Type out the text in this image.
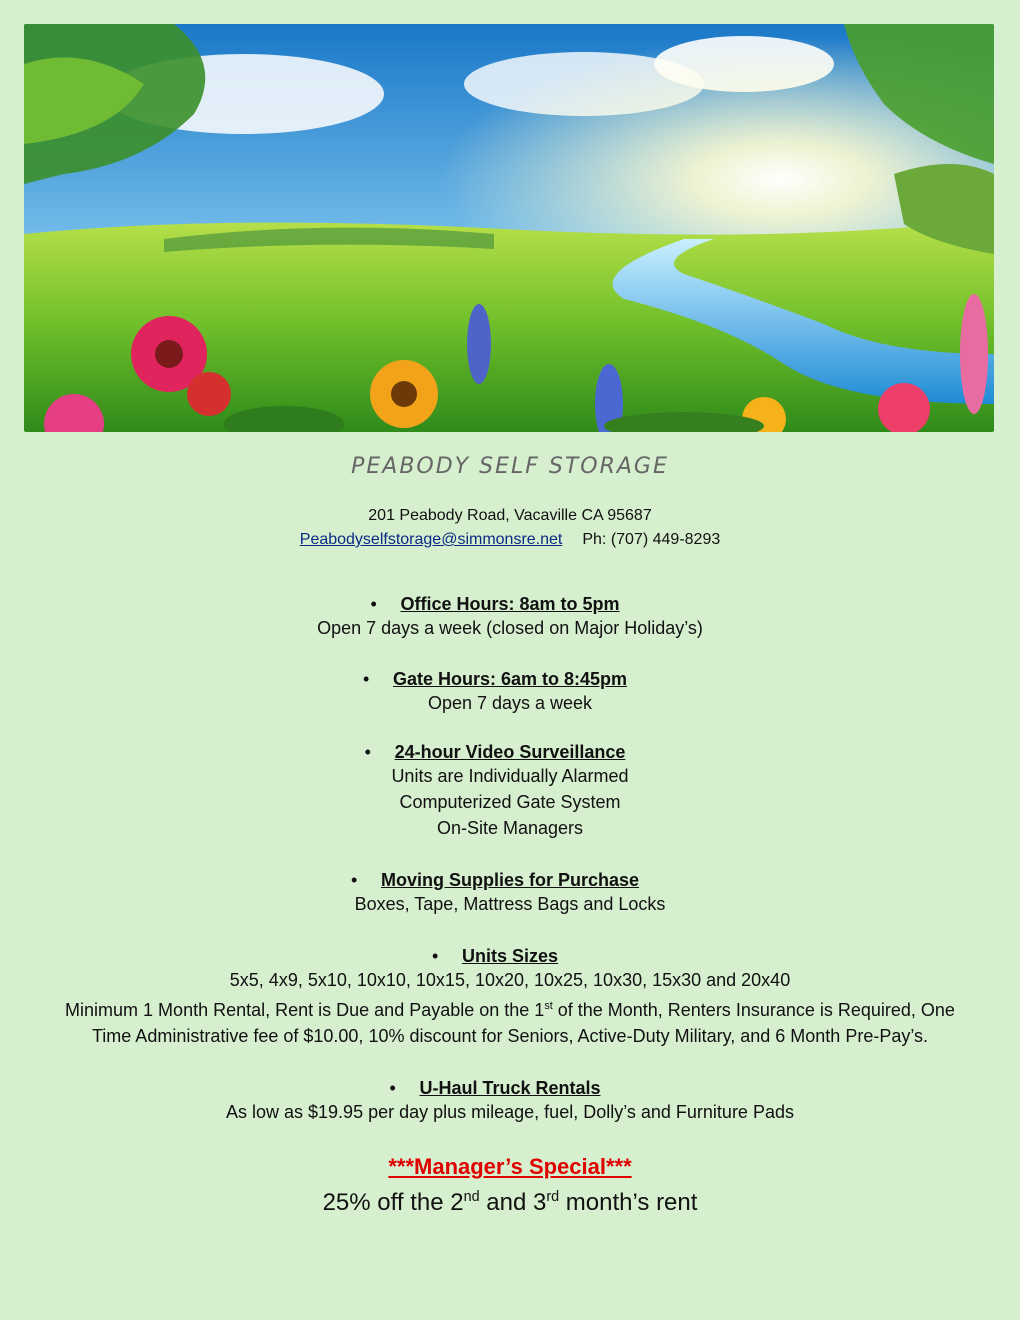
PEABODY SELF STORAGE
201 Peabody Road, Vacaville CA 95687
Peabodyselfstorage@simmonsre.net Ph: (707) 449-8293
• Office Hours: 8am to 5pm
Open 7 days a week (closed on Major Holiday’s)
• Gate Hours: 6am to 8:45pm
Open 7 days a week
• 24-hour Video Surveillance
Units are Individually Alarmed
Computerized Gate System
On-Site Managers
• Moving Supplies for Purchase
Boxes, Tape, Mattress Bags and Locks
• Units Sizes
5x5, 4x9, 5x10, 10x10, 10x15, 10x20, 10x25, 10x30, 15x30 and 20x40
Minimum 1 Month Rental, Rent is Due and Payable on the 1st of the Month, Renters Insurance is Required, One Time Administrative fee of $10.00, 10% discount for Seniors, Active-Duty Military, and 6 Month Pre-Pay’s.
• U-Haul Truck Rentals
As low as $19.95 per day plus mileage, fuel, Dolly’s and Furniture Pads
***Manager’s Special***
25% off the 2nd and 3rd month’s rent
